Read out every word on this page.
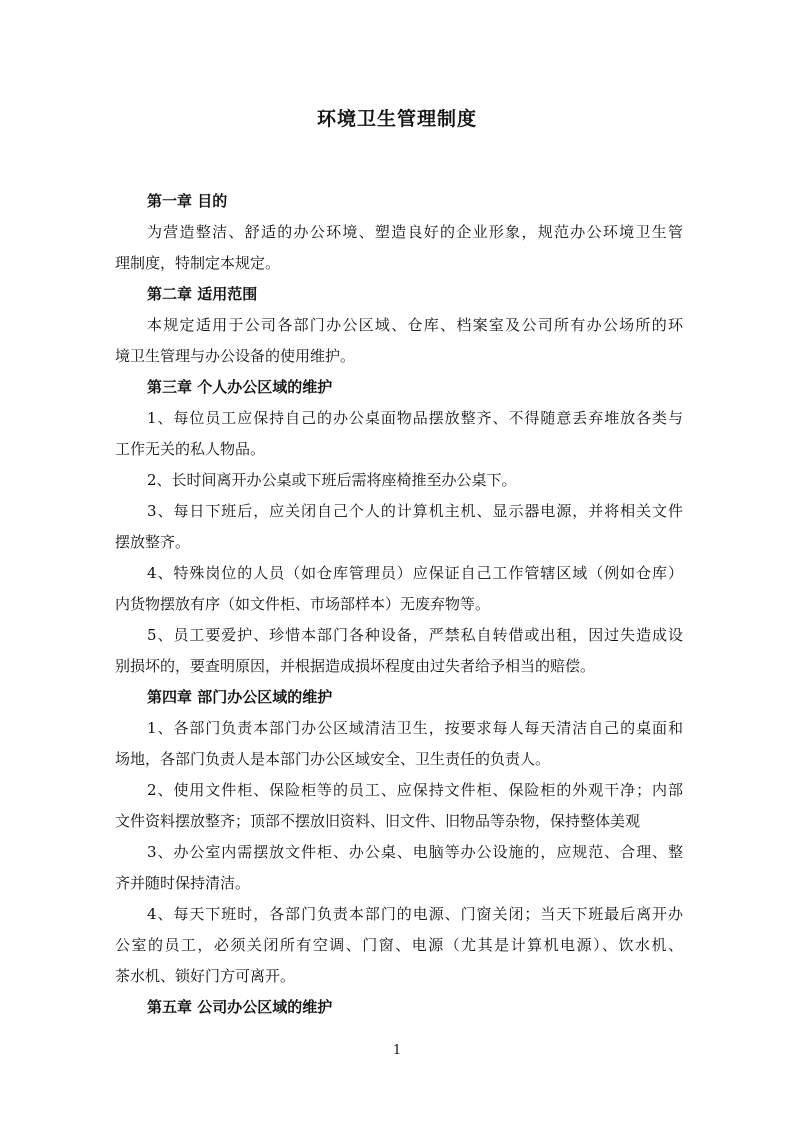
环境卫生管理制度
第一章 目的
为营造整洁、舒适的办公环境、塑造良好的企业形象，规范办公环境卫生管
理制度，特制定本规定。
第二章 适用范围
本规定适用于公司各部门办公区域、仓库、档案室及公司所有办公场所的环
境卫生管理与办公设备的使用维护。
第三章 个人办公区域的维护
1、每位员工应保持自己的办公桌面物品摆放整齐、不得随意丢弃堆放各类与
工作无关的私人物品。
2、长时间离开办公桌或下班后需将座椅推至办公桌下。
3、每日下班后，应关闭自己个人的计算机主机、显示器电源，并将相关文件
摆放整齐。
4、特殊岗位的人员（如仓库管理员）应保证自己工作管辖区域（例如仓库）
内货物摆放有序（如文件柜、市场部样本）无废弃物等。
5、员工要爱护、珍惜本部门各种设备，严禁私自转借或出租，因过失造成设
别损坏的，要查明原因，并根据造成损坏程度由过失者给予相当的赔偿。
第四章 部门办公区域的维护
1、各部门负责本部门办公区域清洁卫生，按要求每人每天清洁自己的桌面和
场地，各部门负责人是本部门办公区域安全、卫生责任的负责人。
2、使用文件柜、保险柜等的员工、应保持文件柜、保险柜的外观干净；内部
文件资料摆放整齐；顶部不摆放旧资料、旧文件、旧物品等杂物，保持整体美观
3、办公室内需摆放文件柜、办公桌、电脑等办公设施的，应规范、合理、整
齐并随时保持清洁。
4、每天下班时，各部门负责本部门的电源、门窗关闭；当天下班最后离开办
公室的员工，必须关闭所有空调、门窗、电源（尤其是计算机电源）、饮水机、
茶水机、锁好门方可离开。
第五章 公司办公区域的维护
1
